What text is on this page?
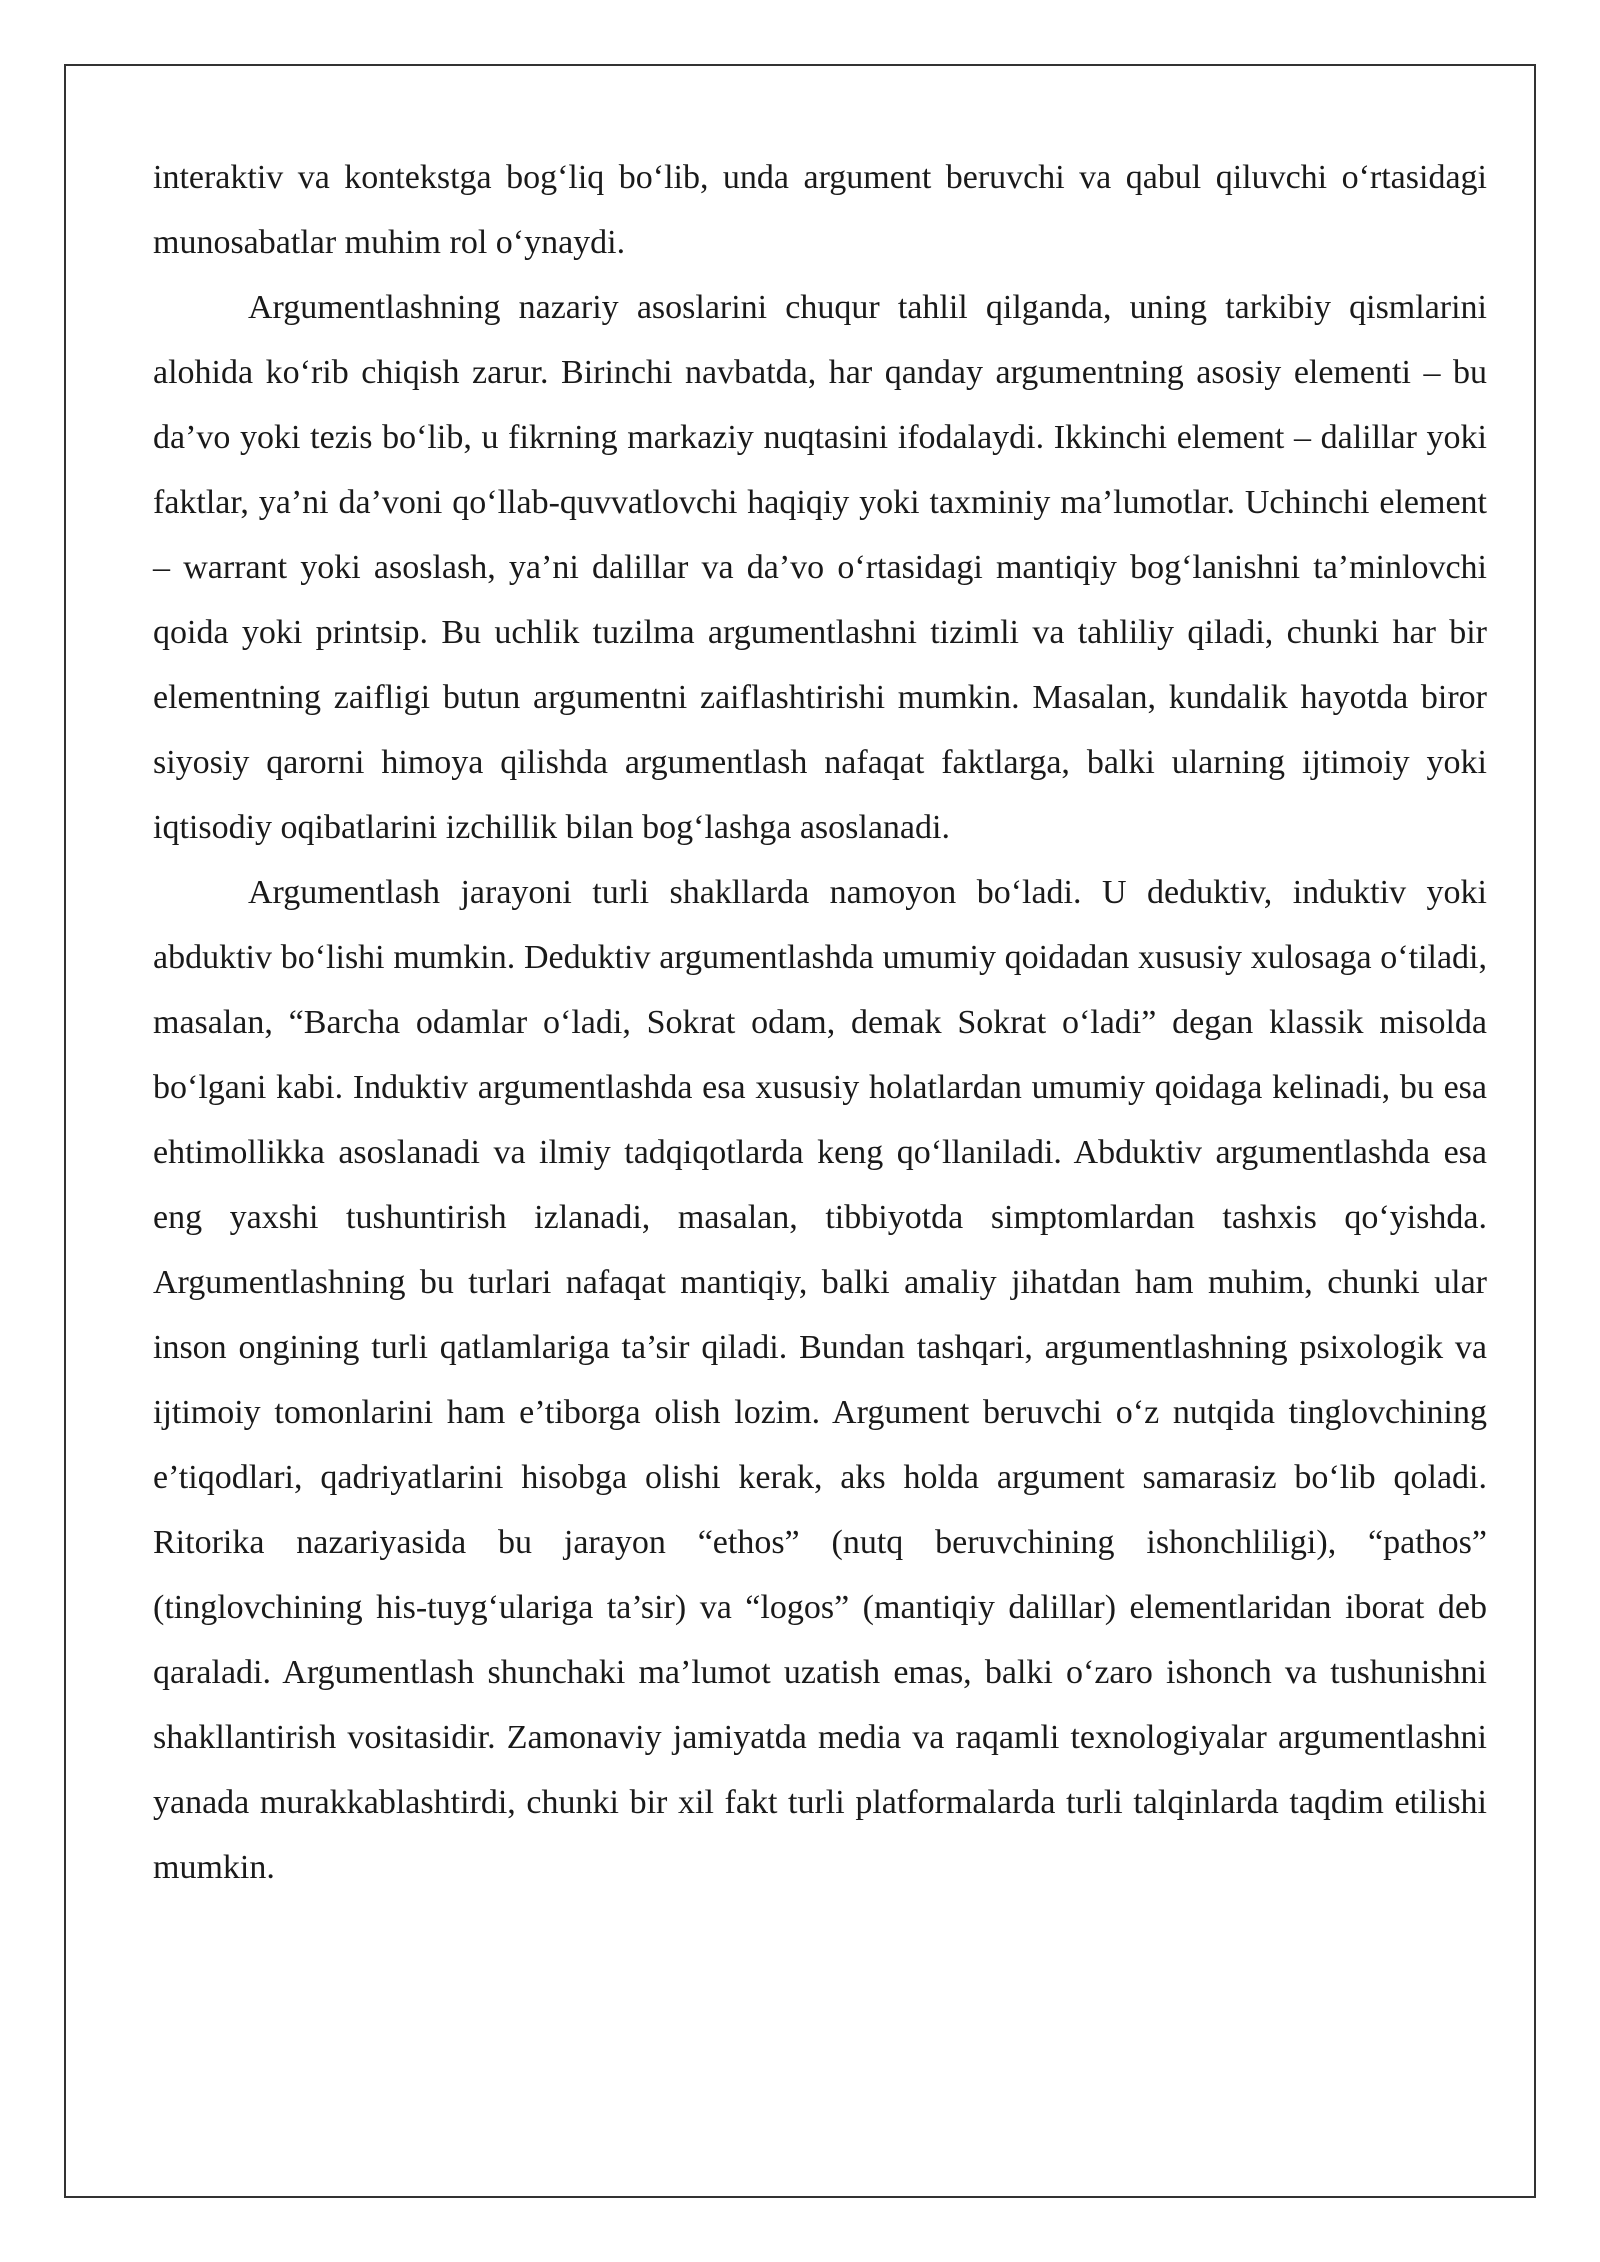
interaktiv va kontekstga bog‘liq bo‘lib, unda argument beruvchi va qabul qiluvchi o‘rtasidagi munosabatlar muhim rol o‘ynaydi.

Argumentlashning nazariy asoslarini chuqur tahlil qilganda, uning tarkibiy qismlarini alohida ko‘rib chiqish zarur. Birinchi navbatda, har qanday argumentning asosiy elementi – bu da’vo yoki tezis bo‘lib, u fikrning markaziy nuqtasini ifodalaydi. Ikkinchi element – dalillar yoki faktlar, ya’ni da’voni qo‘llab-quvvatlovchi haqiqiy yoki taxminiy ma’lumotlar. Uchinchi element – warrant yoki asoslash, ya’ni dalillar va da’vo o‘rtasidagi mantiqiy bog‘lanishni ta’minlovchi qoida yoki printsip. Bu uchlik tuzilma argumentlashni tizimli va tahliliy qiladi, chunki har bir elementning zaifligi butun argumentni zaiflashtirishi mumkin. Masalan, kundalik hayotda biror siyosiy qarorni himoya qilishda argumentlash nafaqat faktlarga, balki ularning ijtimoiy yoki iqtisodiy oqibatlarini izchillik bilan bog‘lashga asoslanadi.

Argumentlash jarayoni turli shakllarda namoyon bo‘ladi. U deduktiv, induktiv yoki abduktiv bo‘lishi mumkin. Deduktiv argumentlashda umumiy qoidadan xususiy xulosaga o‘tiladi, masalan, “Barcha odamlar o‘ladi, Sokrat odam, demak Sokrat o‘ladi” degan klassik misolda bo‘lgani kabi. Induktiv argumentlashda esa xususiy holatlardan umumiy qoidaga kelinadi, bu esa ehtimollikka asoslanadi va ilmiy tadqiqotlarda keng qo‘llaniladi. Abduktiv argumentlashda esa eng yaxshi tushuntirish izlanadi, masalan, tibbiyotda simptomlardan tashxis qo‘yishda. Argumentlashning bu turlari nafaqat mantiqiy, balki amaliy jihatdan ham muhim, chunki ular inson ongining turli qatlamlariga ta’sir qiladi. Bundan tashqari, argumentlashning psixologik va ijtimoiy tomonlarini ham e’tiborga olish lozim. Argument beruvchi o‘z nutqida tinglovchining e’tiqodlari, qadriyatlarini hisobga olishi kerak, aks holda argument samarasiz bo‘lib qoladi. Ritorika nazariyasida bu jarayon “ethos” (nutq beruvchining ishonchliligi), “pathos” (tinglovchining his-tuyg‘ulariga ta’sir) va “logos” (mantiqiy dalillar) elementlaridan iborat deb qaraladi. Argumentlash shunchaki ma’lumot uzatish emas, balki o‘zaro ishonch va tushunishni shakllantirish vositasidir. Zamonaviy jamiyatda media va raqamli texnologiyalar argumentlashni yanada murakkablashtirdi, chunki bir xil fakt turli platformalarda turli talqinlarda taqdim etilishi mumkin.
